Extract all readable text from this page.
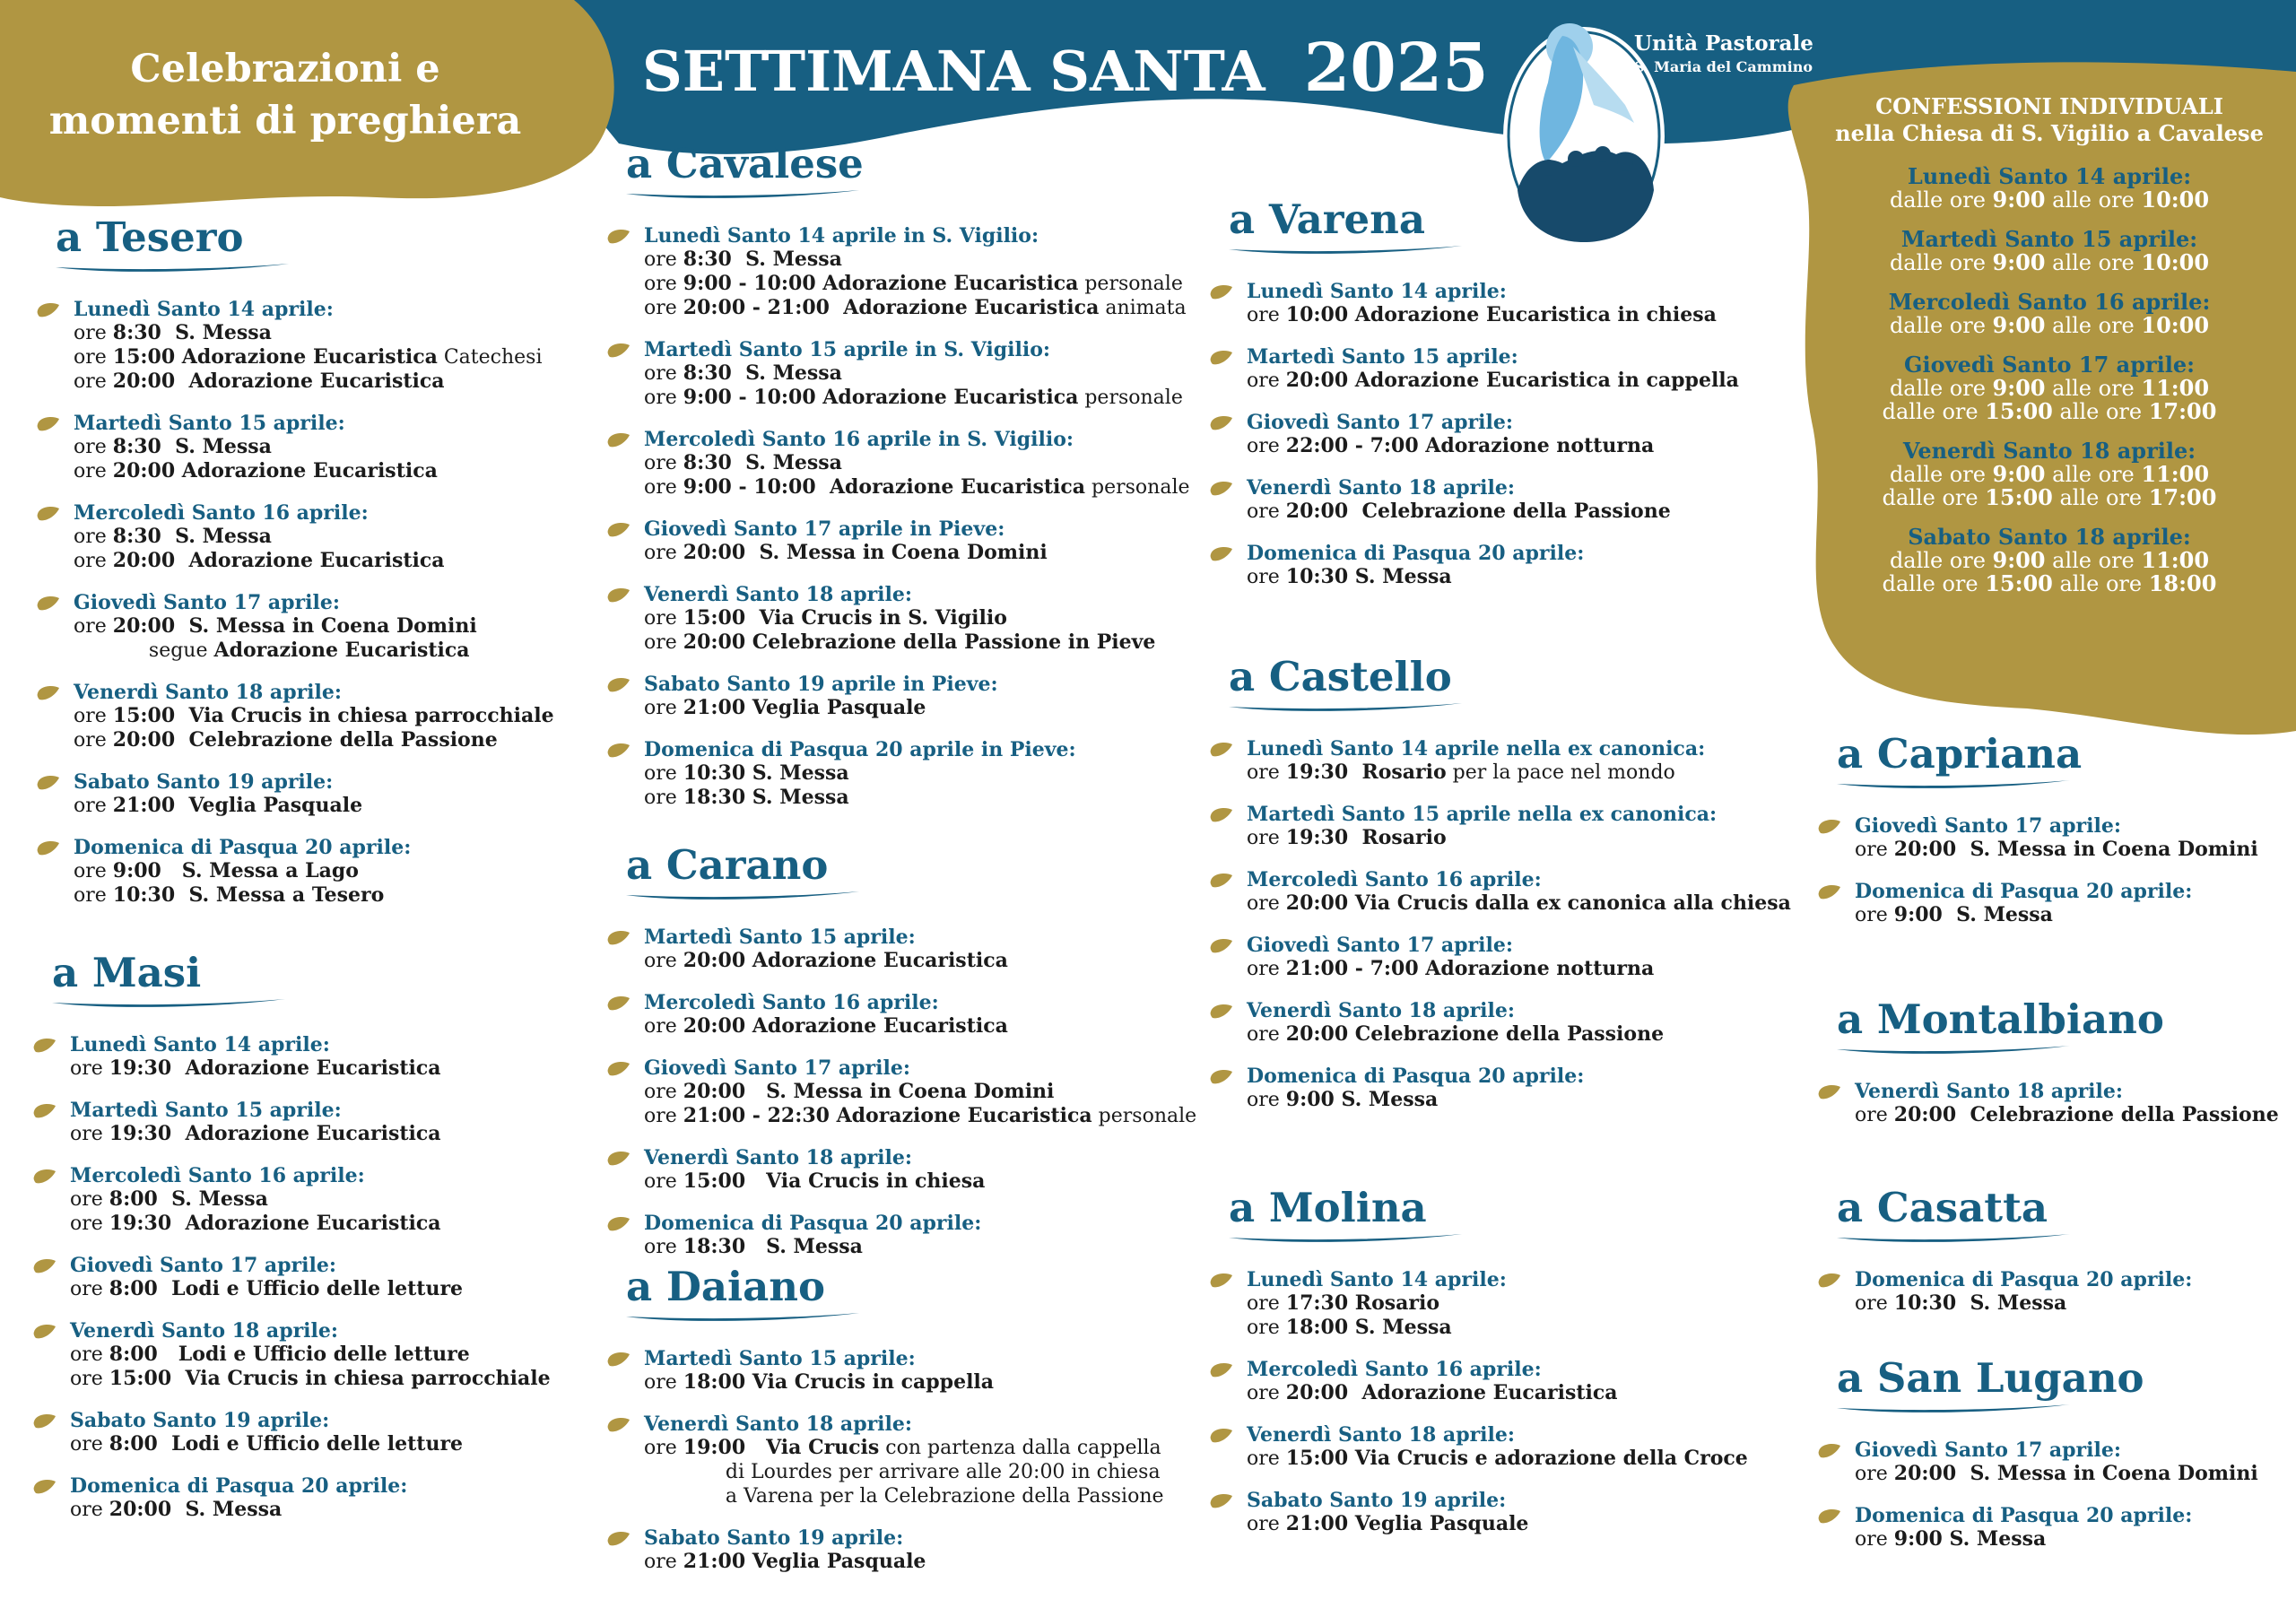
Celebrazioni e
momenti di preghiera
SETTIMANA SANTA 2025	Unità Pastorale
S. Maria del Cammino
CONFESSIONI INDIVIDUALI
nella Chiesa di S. Vigilio a Cavalese
Lunedì Santo 14 aprile:
dalle ore 9:00 alle ore 10:00
Martedì Santo 15 aprile:
dalle ore 9:00 alle ore 10:00
Mercoledì Santo 16 aprile:
dalle ore 9:00 alle ore 10:00
Giovedì Santo 17 aprile:
dalle ore 9:00 alle ore 11:00
dalle ore 15:00 alle ore 17:00
Venerdì Santo 18 aprile:
dalle ore 9:00 alle ore 11:00
dalle ore 15:00 alle ore 17:00
Sabato Santo 18 aprile:
dalle ore 9:00 alle ore 11:00
dalle ore 15:00 alle ore 18:00
a Tesero
Lunedì Santo 14 aprile:
ore 8:30  S. Messa
ore 15:00 Adorazione Eucaristica Catechesi
ore 20:00  Adorazione Eucaristica
Martedì Santo 15 aprile:
ore 8:30  S. Messa
ore 20:00 Adorazione Eucaristica
Mercoledì Santo 16 aprile:
ore 8:30  S. Messa
ore 20:00  Adorazione Eucaristica
Giovedì Santo 17 aprile:
ore 20:00  S. Messa in Coena Domini
segue Adorazione Eucaristica
Venerdì Santo 18 aprile:
ore 15:00  Via Crucis in chiesa parrocchiale
ore 20:00  Celebrazione della Passione
Sabato Santo 19 aprile:
ore 21:00  Veglia Pasquale
Domenica di Pasqua 20 aprile:
ore 9:00   S. Messa a Lago
ore 10:30  S. Messa a Tesero
a Masi
Lunedì Santo 14 aprile:
ore 19:30  Adorazione Eucaristica
Martedì Santo 15 aprile:
ore 19:30  Adorazione Eucaristica
Mercoledì Santo 16 aprile:
ore 8:00  S. Messa
ore 19:30  Adorazione Eucaristica
Giovedì Santo 17 aprile:
ore 8:00  Lodi e Ufficio delle letture
Venerdì Santo 18 aprile:
ore 8:00   Lodi e Ufficio delle letture
ore 15:00  Via Crucis in chiesa parrocchiale
Sabato Santo 19 aprile:
ore 8:00  Lodi e Ufficio delle letture
Domenica di Pasqua 20 aprile:
ore 20:00  S. Messa
a Cavalese
Lunedì Santo 14 aprile in S. Vigilio:
ore 8:30  S. Messa
ore 9:00 - 10:00 Adorazione Eucaristica personale
ore 20:00 - 21:00  Adorazione Eucaristica animata
Martedì Santo 15 aprile in S. Vigilio:
ore 8:30  S. Messa
ore 9:00 - 10:00 Adorazione Eucaristica personale
Mercoledì Santo 16 aprile in S. Vigilio:
ore 8:30  S. Messa
ore 9:00 - 10:00  Adorazione Eucaristica personale
Giovedì Santo 17 aprile in Pieve:
ore 20:00  S. Messa in Coena Domini
Venerdì Santo 18 aprile:
ore 15:00  Via Crucis in S. Vigilio
ore 20:00 Celebrazione della Passione in Pieve
Sabato Santo 19 aprile in Pieve:
ore 21:00 Veglia Pasquale
Domenica di Pasqua 20 aprile in Pieve:
ore 10:30 S. Messa
ore 18:30 S. Messa
a Carano
Martedì Santo 15 aprile:
ore 20:00 Adorazione Eucaristica
Mercoledì Santo 16 aprile:
ore 20:00 Adorazione Eucaristica
Giovedì Santo 17 aprile:
ore 20:00   S. Messa in Coena Domini
ore 21:00 - 22:30 Adorazione Eucaristica personale
Venerdì Santo 18 aprile:
ore 15:00   Via Crucis in chiesa
Domenica di Pasqua 20 aprile:
ore 18:30   S. Messa
a Daiano
Martedì Santo 15 aprile:
ore 18:00 Via Crucis in cappella
Venerdì Santo 18 aprile:
ore 19:00   Via Crucis con partenza dalla cappella
di Lourdes per arrivare alle 20:00 in chiesa
a Varena per la Celebrazione della Passione
Sabato Santo 19 aprile:
ore 21:00 Veglia Pasquale
a Varena
Lunedì Santo 14 aprile:
ore 10:00 Adorazione Eucaristica in chiesa
Martedì Santo 15 aprile:
ore 20:00 Adorazione Eucaristica in cappella
Giovedì Santo 17 aprile:
ore 22:00 - 7:00 Adorazione notturna
Venerdì Santo 18 aprile:
ore 20:00  Celebrazione della Passione
Domenica di Pasqua 20 aprile:
ore 10:30 S. Messa
a Castello
Lunedì Santo 14 aprile nella ex canonica:
ore 19:30  Rosario per la pace nel mondo
Martedì Santo 15 aprile nella ex canonica:
ore 19:30  Rosario
Mercoledì Santo 16 aprile:
ore 20:00 Via Crucis dalla ex canonica alla chiesa
Giovedì Santo 17 aprile:
ore 21:00 - 7:00 Adorazione notturna
Venerdì Santo 18 aprile:
ore 20:00 Celebrazione della Passione
Domenica di Pasqua 20 aprile:
ore 9:00 S. Messa
a Molina
Lunedì Santo 14 aprile:
ore 17:30 Rosario
ore 18:00 S. Messa
Mercoledì Santo 16 aprile:
ore 20:00  Adorazione Eucaristica
Venerdì Santo 18 aprile:
ore 15:00 Via Crucis e adorazione della Croce
Sabato Santo 19 aprile:
ore 21:00 Veglia Pasquale
a Capriana
Giovedì Santo 17 aprile:
ore 20:00  S. Messa in Coena Domini
Domenica di Pasqua 20 aprile:
ore 9:00  S. Messa
a Montalbiano
Venerdì Santo 18 aprile:
ore 20:00  Celebrazione della Passione
a Casatta
Domenica di Pasqua 20 aprile:
ore 10:30  S. Messa
a San Lugano
Giovedì Santo 17 aprile:
ore 20:00  S. Messa in Coena Domini
Domenica di Pasqua 20 aprile:
ore 9:00 S. Messa
